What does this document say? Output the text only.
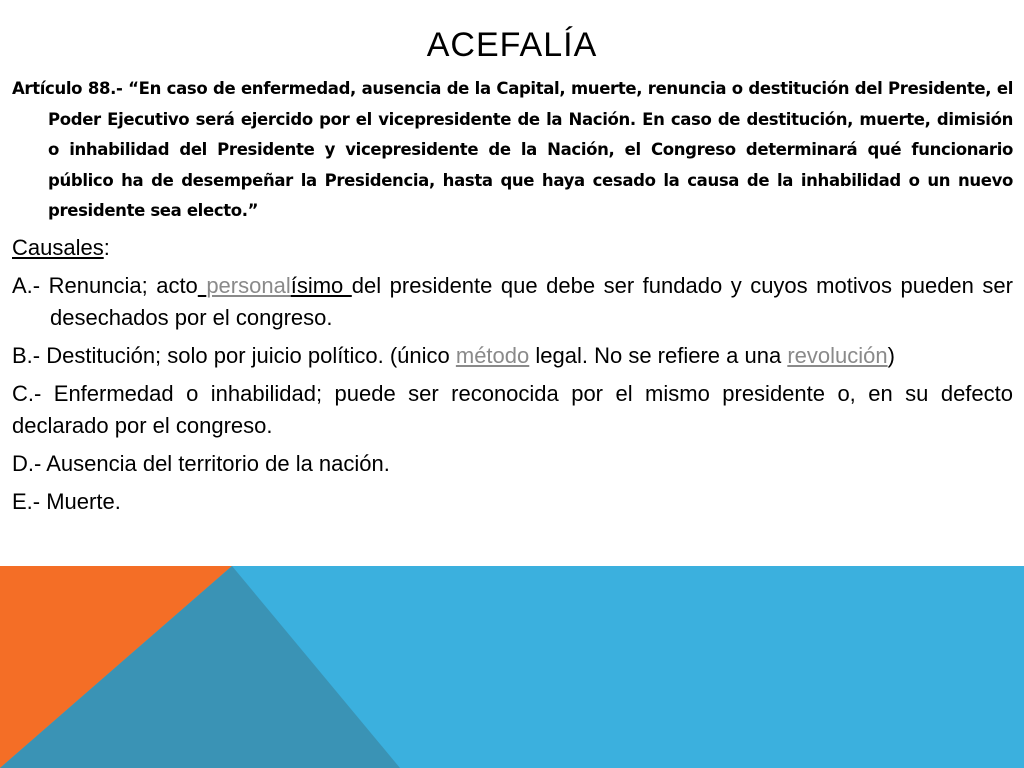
ACEFALÍA

Artículo 88.- “En caso de enfermedad, ausencia de la Capital, muerte, renuncia o destitución del Presidente, el Poder Ejecutivo será ejercido por el vicepresidente de la Nación. En caso de destitución, muerte, dimisión o inhabilidad del Presidente y vicepresidente de la Nación, el Congreso determinará qué funcionario público ha de desempeñar la Presidencia, hasta que haya cesado la causa de la inhabilidad o un nuevo presidente sea electo.”

Causales:

A.- Renuncia; acto personalísimo del presidente que debe ser fundado y cuyos motivos pueden ser desechados por el congreso.

B.- Destitución; solo por juicio político. (único método legal. No se refiere a una revolución)

C.- Enfermedad o inhabilidad; puede ser reconocida por el mismo presidente o, en su defecto declarado por el congreso.

D.- Ausencia del territorio de la nación.

E.- Muerte.
